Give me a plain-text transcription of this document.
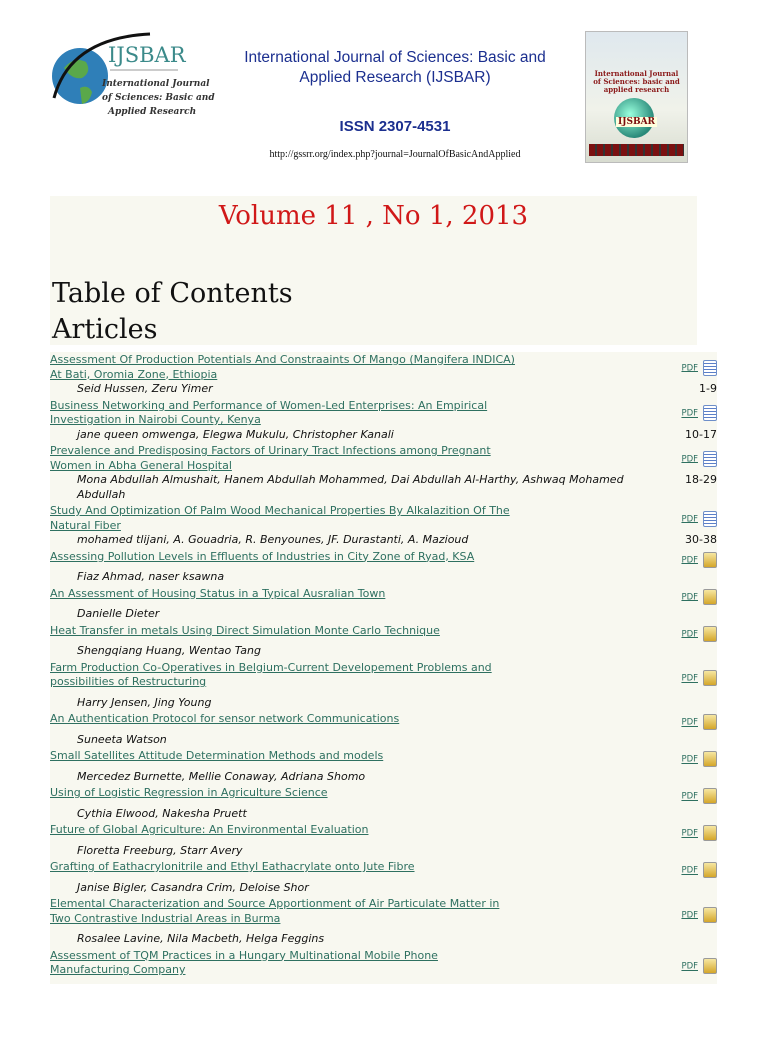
IJSBAR
International Journal
of Sciences: Basic and
Applied Research
International Journal of Sciences: Basic and
Applied Research (IJSBAR)
ISSN 2307-4531
http://gssrr.org/index.php?journal=JournalOfBasicAndApplied
International Journal of Sciences: basic and applied research
IJSBAR
Volume 11 , No 1, 2013
Table of Contents
Articles
Assessment Of Production Potentials And Constraaints Of Mango (Mangifera INDICA) At Bati, Oromia Zone, Ethiopia	PDF
Seid Hussen, Zeru Yimer	1-9
Business Networking and Performance of Women-Led Enterprises: An Empirical Investigation in Nairobi County, Kenya	PDF
jane queen omwenga, Elegwa Mukulu, Christopher Kanali	10-17
Prevalence and Predisposing Factors of Urinary Tract Infections among Pregnant Women in Abha General Hospital	PDF
Mona Abdullah Almushait, Hanem Abdullah Mohammed, Dai Abdullah Al-Harthy, Ashwaq Mohamed Abdullah	18-29
Study And Optimization Of Palm Wood Mechanical Properties By Alkalazition Of The Natural Fiber	PDF
mohamed tlijani, A. Gouadria, R. Benyounes, JF. Durastanti, A. Mazioud	30-38
Assessing Pollution Levels in Effluents of Industries in City Zone of Ryad, KSA	PDF
Fiaz Ahmad, naser ksawna	
An Assessment of Housing Status in a Typical Ausralian Town	PDF
Danielle Dieter	
Heat Transfer in metals Using Direct Simulation Monte Carlo Technique	PDF
Shengqiang Huang, Wentao Tang	
Farm Production Co-Operatives in Belgium-Current Developement Problems and possibilities of Restructuring	PDF
Harry Jensen, Jing Young	
An Authentication Protocol for sensor network Communications	PDF
Suneeta Watson	
Small Satellites Attitude Determination Methods and models	PDF
Mercedez Burnette, Mellie Conaway, Adriana Shomo	
Using of Logistic Regression in Agriculture Science	PDF
Cythia Elwood, Nakesha Pruett	
Future of Global Agriculture: An Environmental Evaluation	PDF
Floretta Freeburg, Starr Avery	
Grafting of Eathacrylonitrile and Ethyl Eathacrylate onto Jute Fibre	PDF
Janise Bigler, Casandra Crim, Deloise Shor	
Elemental Characterization and Source Apportionment of Air Particulate Matter in Two Contrastive Industrial Areas in Burma	PDF
Rosalee Lavine, Nila Macbeth, Helga Feggins	
Assessment of TQM Practices in a Hungary Multinational Mobile Phone Manufacturing Company	PDF
